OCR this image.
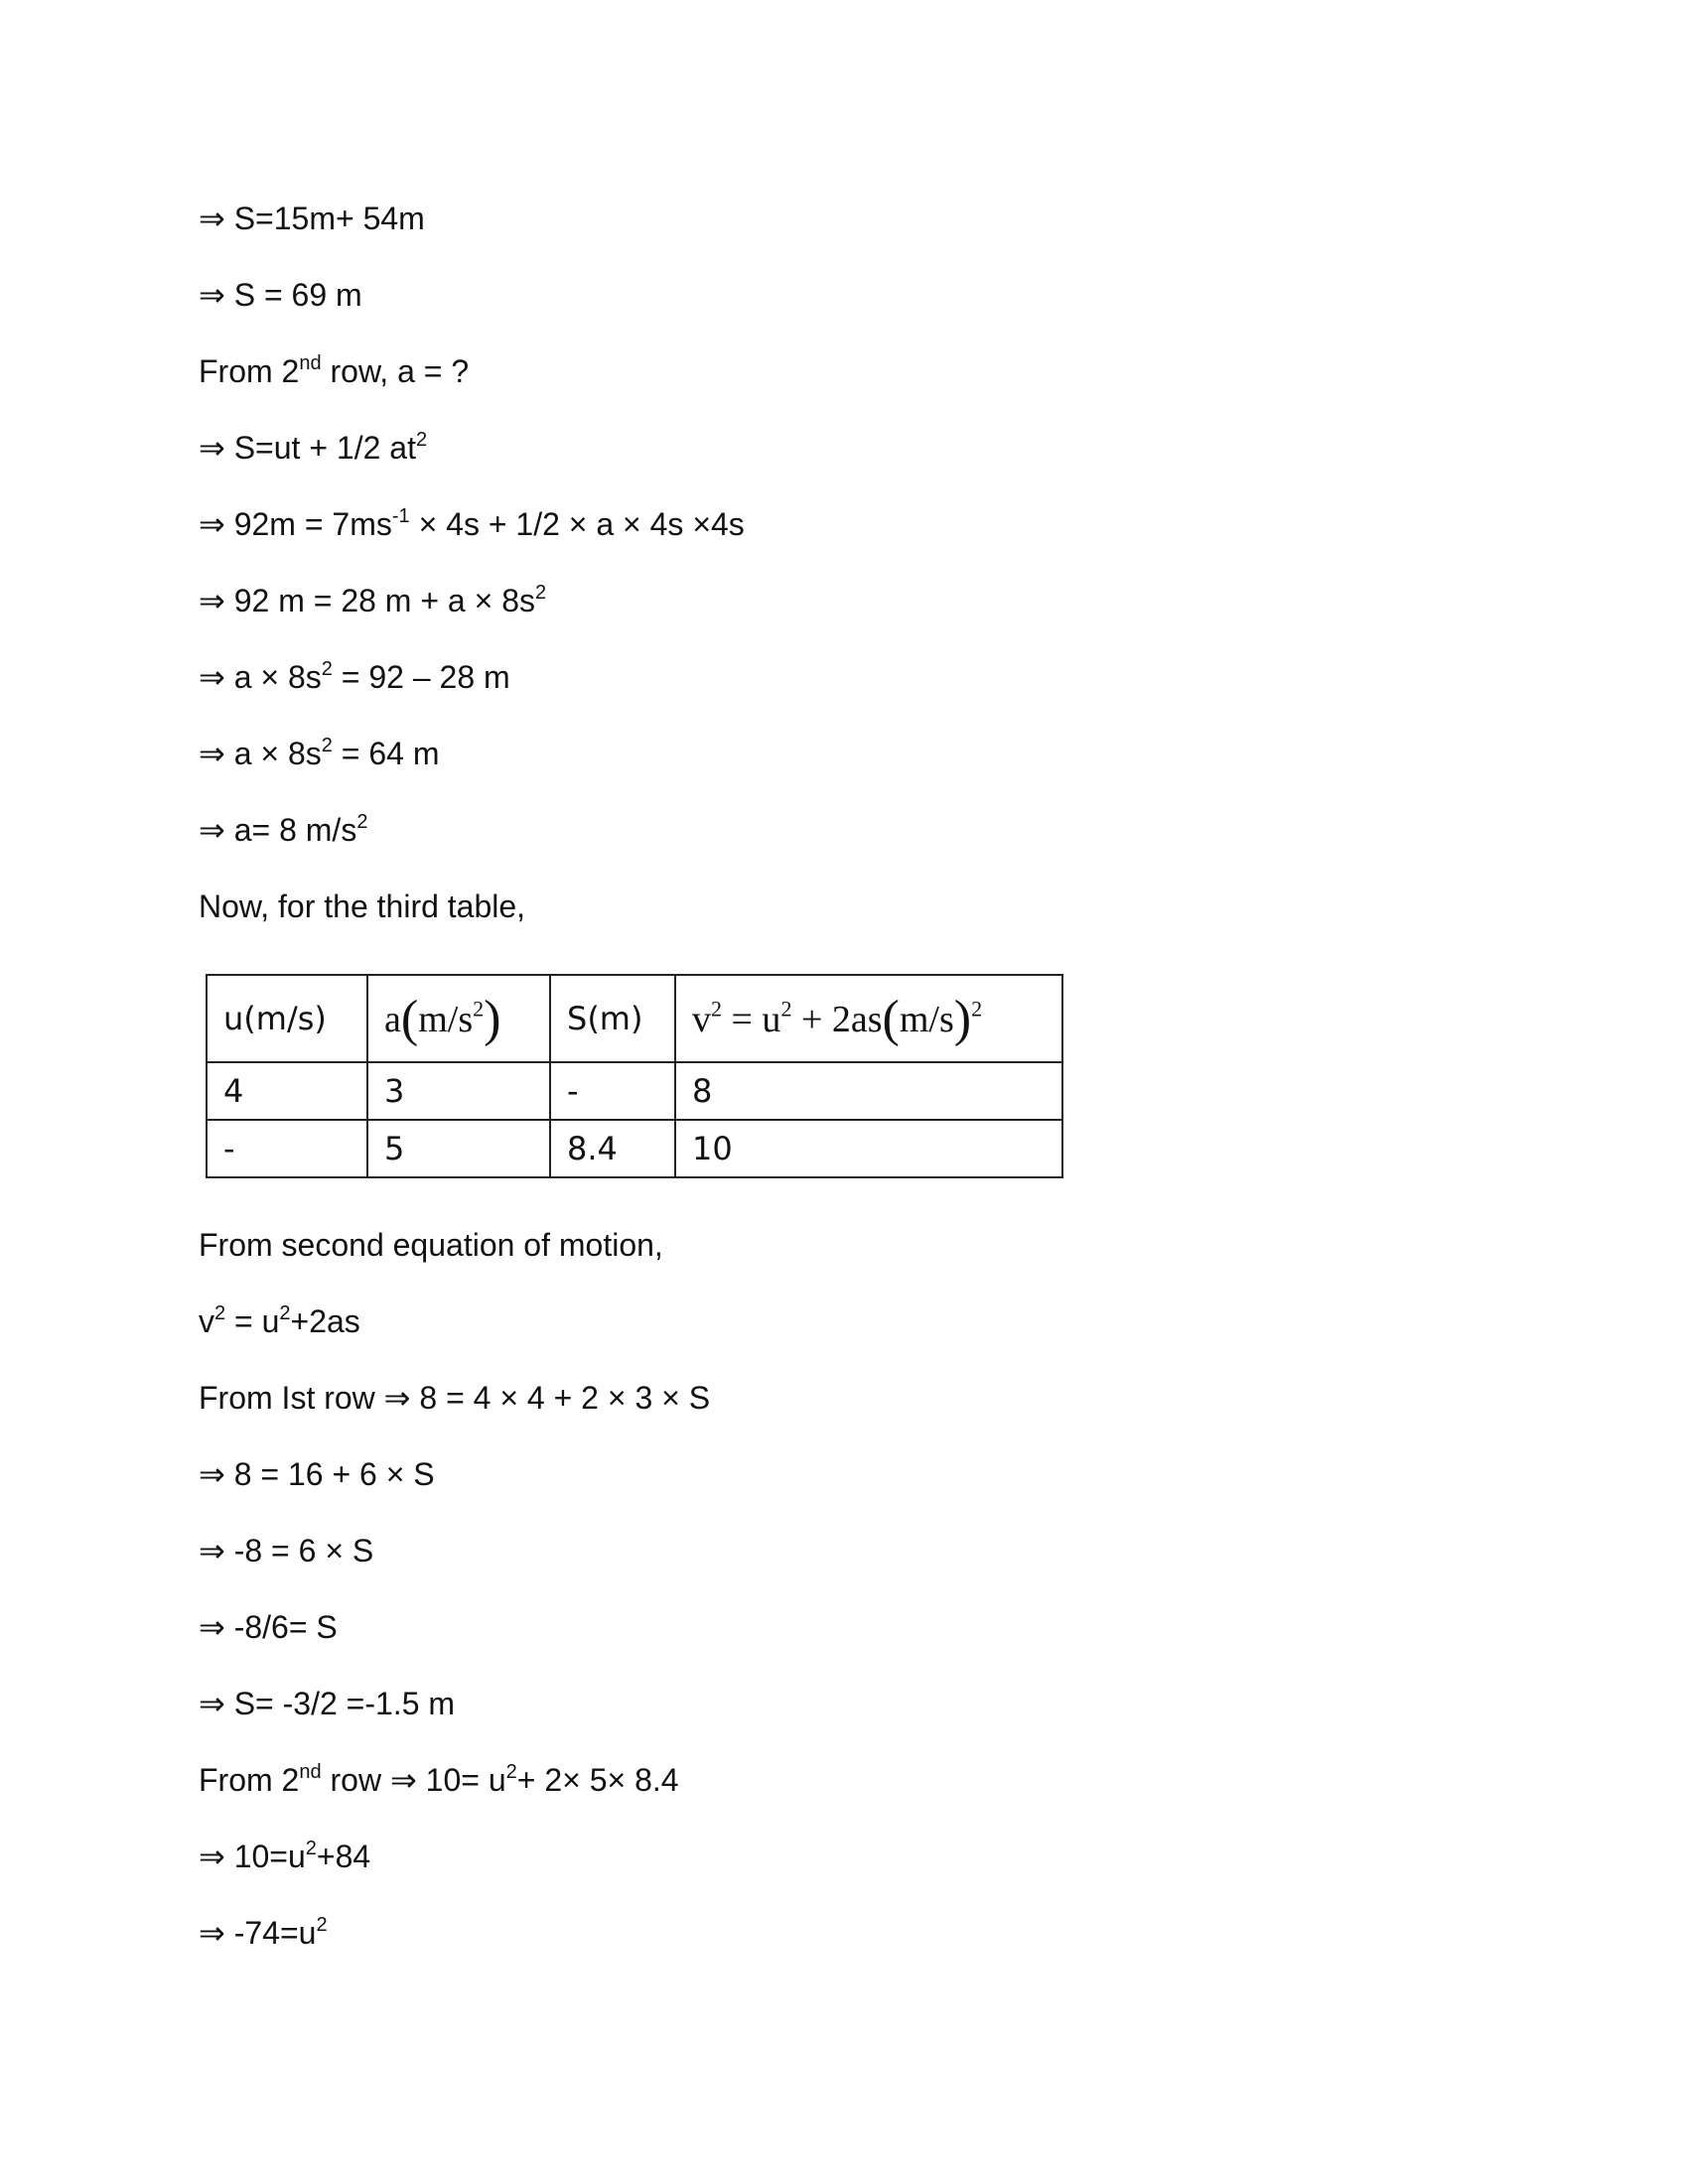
⇒ S=15m+ 54m
⇒ S = 69 m
From 2nd row, a = ?
⇒ S=ut + 1/2 $at^2$
⇒ $92m = 7ms^{-1} \times 4s + 1/2 \times a \times 4s \times 4s$
⇒ 92 m = 28 $m + a \times 8s^2$
⇒ $a \times 8s^2 = 92 - 28$ m
⇒ $a \times 8s^2 = 64$ m
⇒ a= 8 $m/s^2$
Now, for the third table,
u(m/s)	$a(m/s^2)$	S(m)	$v^2 = u^2 + 2as(m/s)^2$
4	3	-	8
-	5	8.4	10
From second equation of motion,
$v^2 = u^2+2as$
From Ist row ⇒ 8 = 4 × 4 + 2 × 3 × S
⇒ 8 = 16 + 6 × S
⇒ -8 = 6 × S
⇒ -8/6= S
⇒ S= -3/2 =-1.5 m
From 2nd row ⇒ $10= u^2+ 2\times 5\times 8.4$
⇒ $10=u^2+84$
⇒ $-74=u^2$
